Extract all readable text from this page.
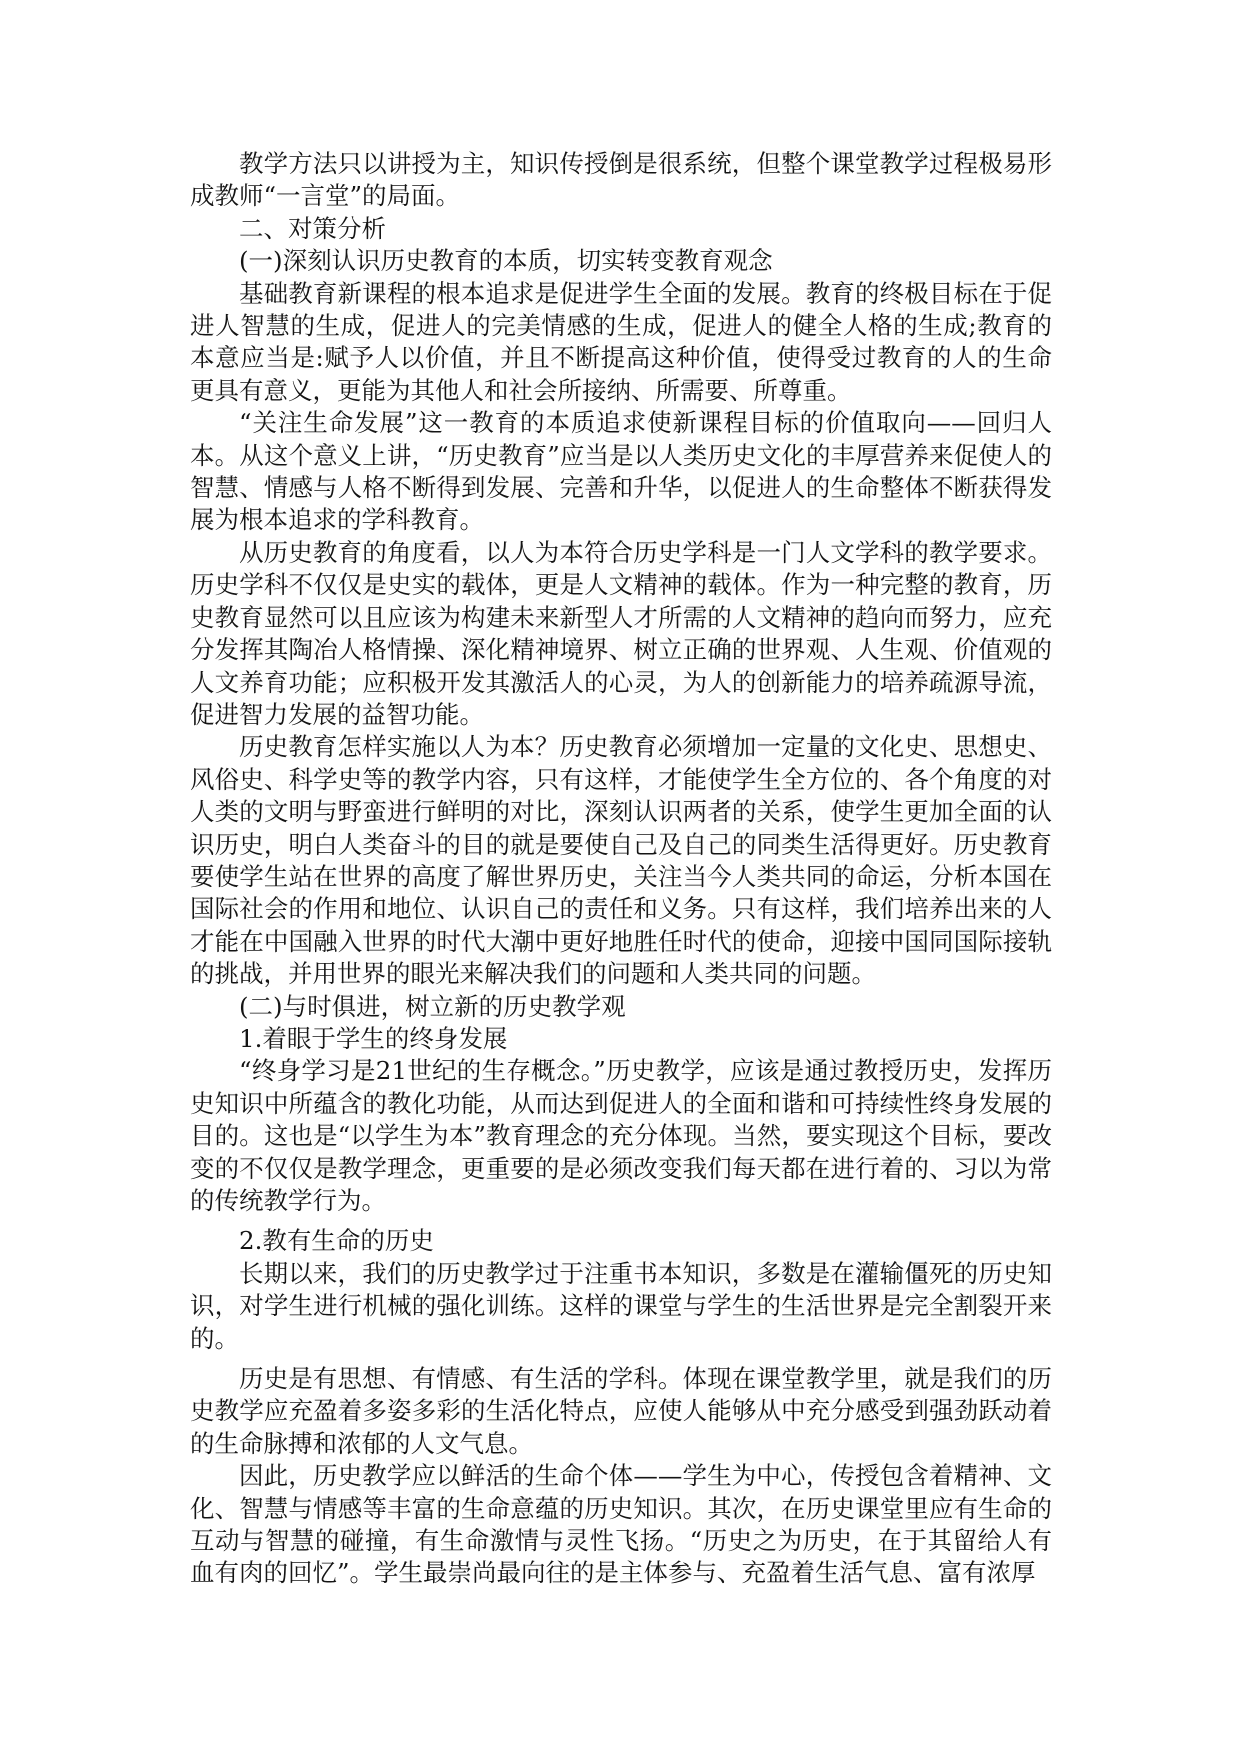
教学方法只以讲授为主，知识传授倒是很系统，但整个课堂教学过程极易形成教师“一言堂”的局面。

二、对策分析

(一)深刻认识历史教育的本质，切实转变教育观念

基础教育新课程的根本追求是促进学生全面的发展。教育的终极目标在于促进人智慧的生成，促进人的完美情感的生成，促进人的健全人格的生成;教育的本意应当是:赋予人以价值，并且不断提高这种价值，使得受过教育的人的生命更具有意义，更能为其他人和社会所接纳、所需要、所尊重。

“关注生命发展”这一教育的本质追求使新课程目标的价值取向——回归人本。从这个意义上讲，“历史教育”应当是以人类历史文化的丰厚营养来促使人的智慧、情感与人格不断得到发展、完善和升华，以促进人的生命整体不断获得发展为根本追求的学科教育。

从历史教育的角度看，以人为本符合历史学科是一门人文学科的教学要求。历史学科不仅仅是史实的载体，更是人文精神的载体。作为一种完整的教育，历史教育显然可以且应该为构建未来新型人才所需的人文精神的趋向而努力，应充分发挥其陶冶人格情操、深化精神境界、树立正确的世界观、人生观、价值观的人文养育功能；应积极开发其激活人的心灵，为人的创新能力的培养疏源导流，促进智力发展的益智功能。

历史教育怎样实施以人为本？历史教育必须增加一定量的文化史、思想史、风俗史、科学史等的教学内容，只有这样，才能使学生全方位的、各个角度的对人类的文明与野蛮进行鲜明的对比，深刻认识两者的关系，使学生更加全面的认识历史，明白人类奋斗的目的就是要使自己及自己的同类生活得更好。历史教育要使学生站在世界的高度了解世界历史，关注当今人类共同的命运，分析本国在国际社会的作用和地位、认识自己的责任和义务。只有这样，我们培养出来的人才能在中国融入世界的时代大潮中更好地胜任时代的使命，迎接中国同国际接轨的挑战，并用世界的眼光来解决我们的问题和人类共同的问题。

(二)与时俱进，树立新的历史教学观

1.着眼于学生的终身发展

“终身学习是21世纪的生存概念。”历史教学，应该是通过教授历史，发挥历史知识中所蕴含的教化功能，从而达到促进人的全面和谐和可持续性终身发展的目的。这也是“以学生为本”教育理念的充分体现。当然，要实现这个目标，要改变的不仅仅是教学理念，更重要的是必须改变我们每天都在进行着的、习以为常的传统教学行为。

2.教有生命的历史

长期以来，我们的历史教学过于注重书本知识，多数是在灌输僵死的历史知识，对学生进行机械的强化训练。这样的课堂与学生的生活世界是完全割裂开来的。

历史是有思想、有情感、有生活的学科。体现在课堂教学里，就是我们的历史教学应充盈着多姿多彩的生活化特点，应使人能够从中充分感受到强劲跃动着的生命脉搏和浓郁的人文气息。

因此，历史教学应以鲜活的生命个体——学生为中心，传授包含着精神、文化、智慧与情感等丰富的生命意蕴的历史知识。其次，在历史课堂里应有生命的互动与智慧的碰撞，有生命激情与灵性飞扬。“历史之为历史，在于其留给人有血有肉的回忆”。学生最崇尚最向往的是主体参与、充盈着生活气息、富有浓厚
